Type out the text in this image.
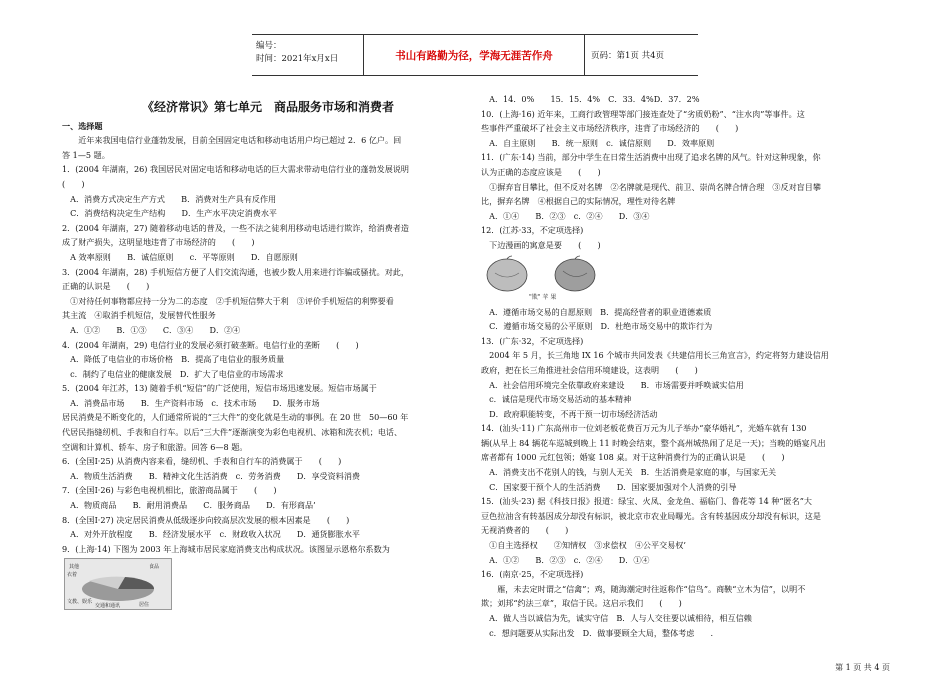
编号：
时间：2021年x月x日	书山有路勤为径，学海无涯苦作舟	页码：第1页 共4页

《经济常识》第七单元　商品服务市场和消费者

一、选择题

　　近年来我国电信行业蓬勃发展，目前全国固定电话和移动电话用户均已超过 2．6 亿户。回

答 1—5 题。

1．(2004 年湖南，26) 我国居民对固定电话和移动电话的巨大需求带动电信行业的蓬勃发展说明

(　　)

　A．消费方式决定生产方式　　B．消费对生产具有反作用

　C．消费结构决定生产结构　　D．生产水平决定消费水平

2．(2004 年湖南，27) 随着移动电话的普及，一些不法之徒利用移动电话进行欺诈，给消费者造

成了财产损失，这明显地违背了市场经济的　　(　　)

　A 效率原则　　B．诚信原则　　c．平等原则　　D．自愿原则

3．(2004 年湖南，28) 手机短信方便了人们交流沟通，也被少数人用来进行诈骗或骚扰。对此，

正确的认识是　　(　　)

　①对待任何事物都应持一分为二的态度　②手机短信弊大于利　③评价手机短信的利弊要看

其主流　④取消手机短信，发展替代性服务

　A．①②　　B．①③　　C．③④　　D．②④

4．(2004 年湖南，29) 电信行业的发展必须打破垄断。电信行业的垄断　　(　　)

　A．降低了电信业的市场价格　B．提高了电信业的服务质量

　c．制约了电信业的健康发展　D．扩大了电信业的市场需求

5．(2004 年江苏，13) 随着手机“短信”的广泛使用，短信市场迅速发展。短信市场属于

　A．消费品市场　　B．生产资料市场　c．技术市场　　D．服务市场

居民消费是不断变化的，人们通常所说的“三大件”的变化就是生动的事例。在 20 世　50—60 年

代居民指缝纫机、手表和自行车。以后“三大件”逐渐演变为彩色电视机、冰箱和洗衣机；电话、

空调和计算机、轿车、房子和旅游。回答 6—8 题。

6．(全国Ⅰ·25) 从消费内容来看，缝纫机、手表和自行车的消费属于　　(　　)

　A．物质生活消费　　B．精神文化生活消费　c．劳务消费　　D．享受资料消费

7．(全国Ⅰ·26) 与彩色电视机相比，旅游商品属于　　(　　)

　A．物质商品　　B．耐用消费品　　C．服务商品　　D．有形商品’

8．(全国Ⅰ·27) 决定居民消费从低级逐步向较高层次发展的根本因素是　　(　　)

　A．对外开放程度　　B．经济发展水平　c．财政收入状况　　D．通货膨胀水平

9．(上海·14) 下图为 2003 年上海城市居民家庭消费支出构成状况。该图显示恩格尔系数为

其他	食品
文教、娱乐
交通和通讯
衣着
居住

　A．14．0%　　15．15．4%　C．33．4%D．37．2%

10．(上海·16) 近年来，工商行政管理等部门接连查处了“劣质奶粉”、“注水肉”等事件。这

些事件严重破坏了社会主义市场经济秩序，违背了市场经济的　　(　　)

　A．自主原则　　B．统一原则　c．诚信原则　　D．效率原则

11．(广东·14) 当前，部分中学生在日常生活消费中出现了追求名牌的风气。针对这种现象，你

认为正确的态度应该是　　(　　)

　①摒弃盲目攀比，但不反对名牌　②名牌就是现代、前卫、崇尚名牌合情合理　③反对盲目攀

比，摒弃名牌　④根据自己的实际情况，理性对待名牌

　A．①④　　B．②③　c．②④　　D．③④

12．(江苏·33，不定项选择)

　下边漫画的寓意是要　　(　　)

"欺" 苹 果

　A．遵循市场交易的自愿原则　B．提高经营者的职业道德素质

　C．遵循市场交易的公平原则　D．杜绝市场交易中的欺诈行为

13．(广东·32，不定项选择)

　2004 年 5 月，长三角地 IX 16 个城市共同发表《共建信用长三角宣言》，约定将努力建设信用

政府，把在长三角推进社会信用环境建设，这表明　　(　　)

　A．社会信用环境完全依靠政府来建设　　B．市场需要并呼唤诚实信用

　c．诚信是现代市场交易活动的基本精神

　D．政府职能转变，不再干预一切市场经济活动

14．(汕头·11) 广东高州市一位刘老板花费百万元为儿子举办“豪华婚礼”，光婚车就有 130

辆(从早上 84 辆花车巡城到晚上 11 时晚会结束，整个高州城热闹了足足一天)；当晚的婚宴凡出

席者都有 1000 元红包领；婚宴 108 桌。对于这种消费行为的正确认识是　　(　　)

　A．消费支出不花别人的钱，与别人无关　B．生活消费是家庭的事，与国家无关

　C．国家要干预个人的生活消费　　D．国家要加强对个人消费的引导

15．(汕头·23) 据《科技日报》报道：绿宝、火凤、金龙鱼、福临门、鲁花等 14 种“匿名”大

豆色拉油含有转基因成分却没有标识，被北京市农业局曝光。含有转基因成分却没有标识，这是

无视消费者的　　(　　)

　①自主选择权　　②知情权　③求偿权　④公平交易权’

　A．①②　　B．②③　c．②④　　D．①④

16．(南京·25，不定项选择)

　　雁，未去定时谓之“信禽”；鸡，随海潮定时往返称作“信鸟”。商鞅“立木为信”，以明不

欺；刘邦“约法三章”，取信于民。这启示我们　　(　　)

　A．做人当以诚信为先，诚实守信　B．人与人交往要以诚相待，相互信赖

　c．想问题要从实际出发　D．做事要顾全大局，整体考虑　　.

第 1 页 共 4 页
